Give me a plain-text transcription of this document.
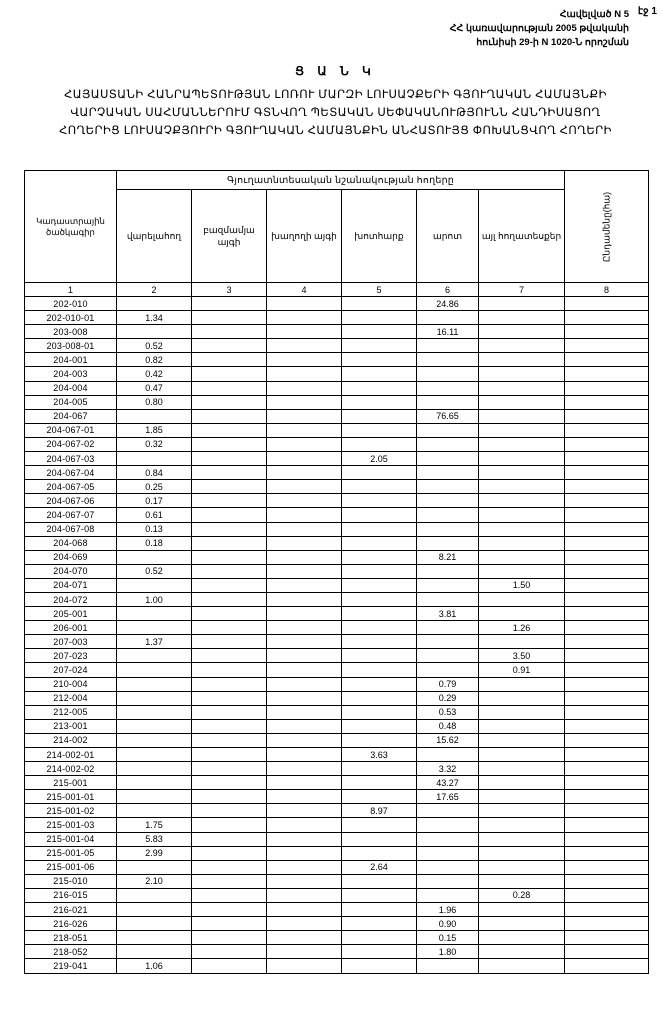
էջ 1
Հավելված N 5
ՀՀ կառավարության 2005 թվականի
հունիսի 29-ի N 1020-Ն որոշման
Ց Ա Ն Կ
ՀԱՅԱՍՏԱՆԻ ՀԱՆՐԱՊԵՏՈՒԹՅԱՆ ԼՈՌՈՒ ՄԱՐԶԻ ԼՈՒՍԱՉՔԵՐԻ ԳՅՈՒՂԱԿԱՆ ՀԱՄԱՅՆՔԻ
ՎԱՐՉԱԿԱՆ ՍԱՀՄԱՆՆԵՐՈՒՄ ԳՏՆՎՈՂ ՊԵՏԱԿԱՆ ՍԵՓԱԿԱՆՈՒԹՅՈՒՆՆ ՀԱՆԴԻՍԱՑՈՂ
ՀՈՂԵՐԻՑ ԼՈՒՍԱՉՔՅՈՒՐԻ ԳՅՈՒՂԱԿԱՆ ՀԱՄԱՅՆՔԻՆ ԱՆՀԱՏՈՒՅՑ ՓՈԽԱՆՑՎՈՂ ՀՈՂԵՐԻ
Կադաստրային ծածկագիր	Գյուղատնտեսական նշանակության հողերը						Ընդամենը(հա)

	վարելահող	բազմամյա այգի	խաղողի այգի	խոտհարք	արոտ	այլ հողատեսքեր	
1	2	3	4	5	6	7	8
202-010					24.86		
202-010-01	1.34						
203-008					16.11		
203-008-01	0.52						
204-001	0.82						
204-003	0.42						
204-004	0.47						
204-005	0.80						
204-067					76.65		
204-067-01	1.85						
204-067-02	0.32						
204-067-03				2.05			
204-067-04	0.84						
204-067-05	0.25						
204-067-06	0.17						
204-067-07	0.61						
204-067-08	0.13						
204-068	0.18						
204-069					8.21		
204-070	0.52						
204-071						1.50	
204-072	1.00						
205-001					3.81		
206-001						1.26	
207-003	1.37						
207-023						3.50	
207-024						0.91	
210-004					0.79		
212-004					0.29		
212-005					0.53		
213-001					0.48		
214-002					15.62		
214-002-01				3.63			
214-002-02					3.32		
215-001					43.27		
215-001-01					17.65		
215-001-02				8.97			
215-001-03	1.75						
215-001-04	5.83						
215-001-05	2.99						
215-001-06				2.64			
215-010	2.10						
216-015						0.28	
216-021					1.96		
216-026					0.90		
218-051					0.15		
218-052					1.80		
219-041	1.06						
